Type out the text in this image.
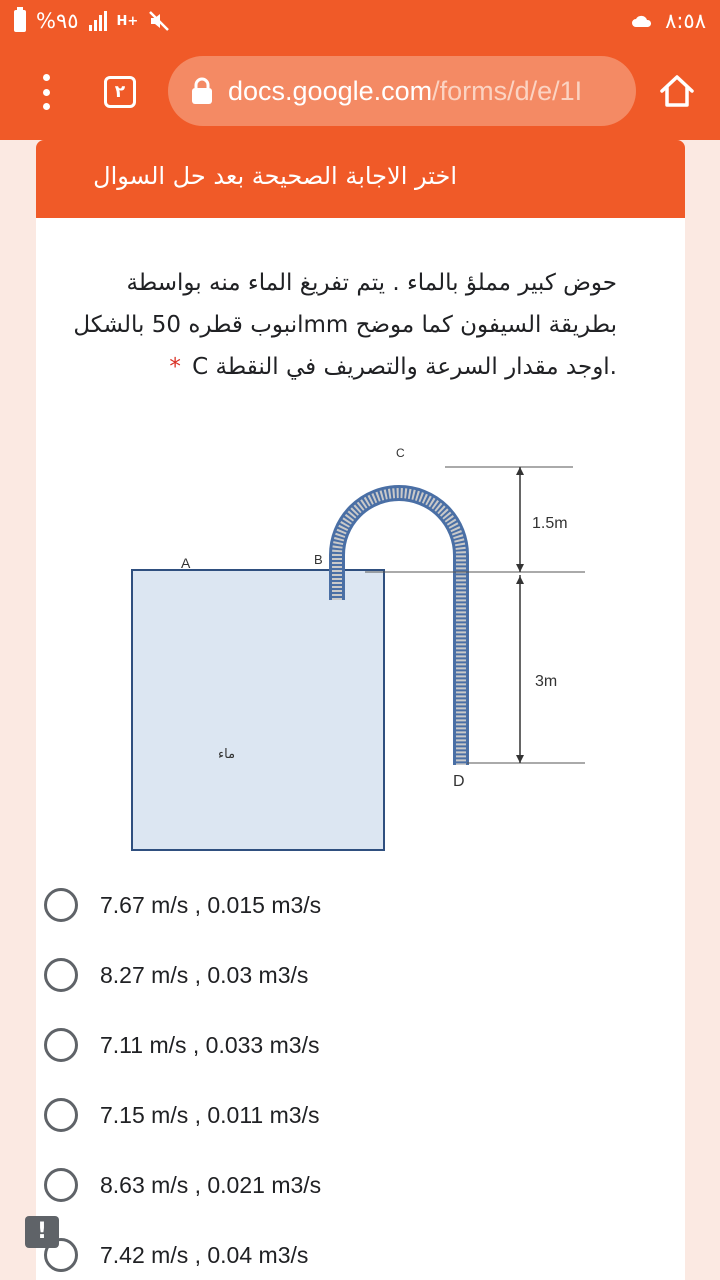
%٩٥	H+	٨:٥٨
٢	docs.google.com /forms/d/e/1I
اختر الاجابة الصحيحة بعد حل السوال
حوض كبير مملؤ بالماء . يتم تفريغ الماء منه بواسطة بطريقة السيفون كما موضح mmانبوب قطره 50 بالشكل .اوجد مقدار السرعة والتصريف في النقطة C *
A	B
C
D
1.5m
3m
ماء
7.67 m/s , 0.015 m3/s
8.27 m/s , 0.03 m3/s
7.11 m/s , 0.033 m3/s
7.15 m/s , 0.011 m3/s
8.63 m/s , 0.021 m3/s
7.42 m/s , 0.04 m3/s
!
